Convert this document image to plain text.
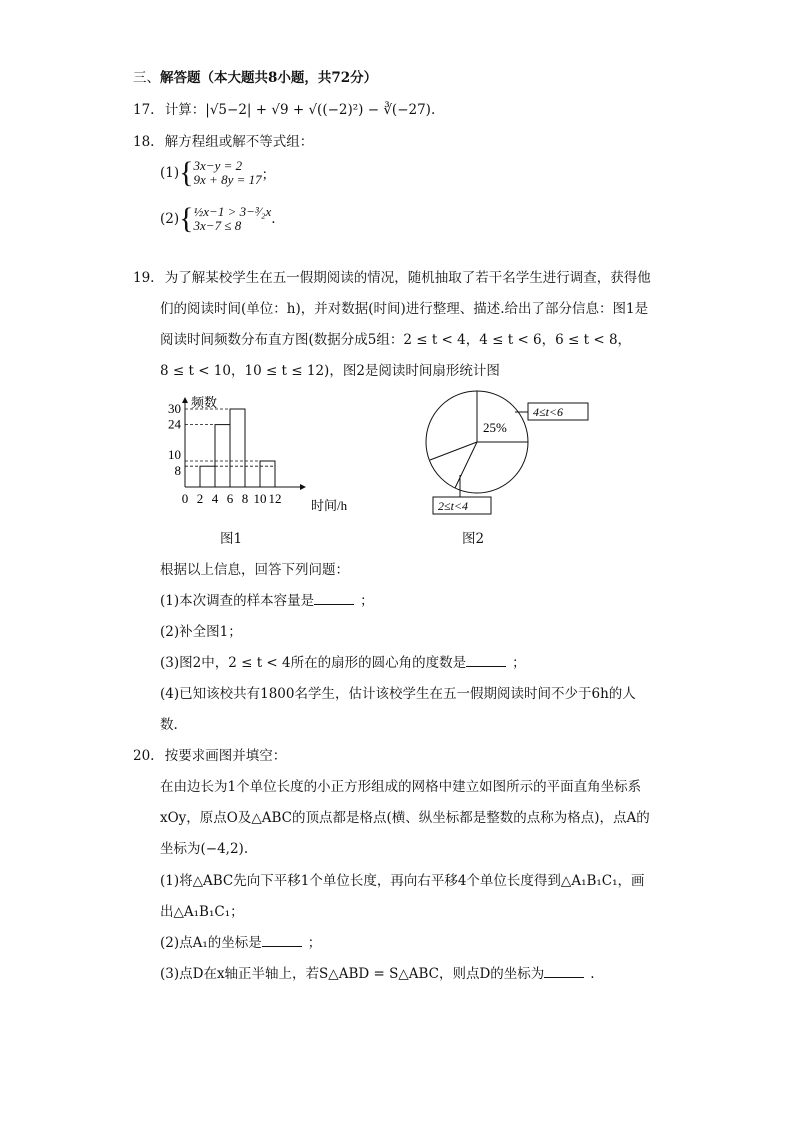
三、解答题（本大题共8小题，共72分）
17. 计算：|√5−2| + √9 + √((−2)²) − ∛(−27).
18. 解方程组或解不等式组：
(1){3x−y = 2
9x + 8y = 17；
(2){½x−1 > 3−³⁄₂x
3x−7 ≤ 8 .
19. 为了解某校学生在五一假期阅读的情况，随机抽取了若干名学生进行调查，获得他
们的阅读时间(单位：h)，并对数据(时间)进行整理、描述.给出了部分信息：图1是
阅读时间频数分布直方图(数据分成5组：2 ≤ t < 4，4 ≤ t < 6，6 ≤ t < 8，
8 ≤ t < 10，10 ≤ t ≤ 12)，图2是阅读时间扇形统计图
频数
时间/h
8
10
24
30
0 2 4 6 8 10 12
图1
25%
4≤t<6
2≤t<4
图2
根据以上信息，回答下列问题：
(1)本次调查的样本容量是	；
(2)补全图1；
(3)图2中，2 ≤ t < 4所在的扇形的圆心角的度数是	；
(4)已知该校共有1800名学生，估计该校学生在五一假期阅读时间不少于6h的人
数.
20. 按要求画图并填空：
在由边长为1个单位长度的小正方形组成的网格中建立如图所示的平面直角坐标系
xOy，原点O及△ABC的顶点都是格点(横、纵坐标都是整数的点称为格点)，点A的
坐标为(−4,2).
(1)将△ABC先向下平移1个单位长度，再向右平移4个单位长度得到△A₁B₁C₁，画
出△A₁B₁C₁；
(2)点A₁的坐标是	；
(3)点D在x轴正半轴上，若S△ABD = S△ABC，则点D的坐标为	.
